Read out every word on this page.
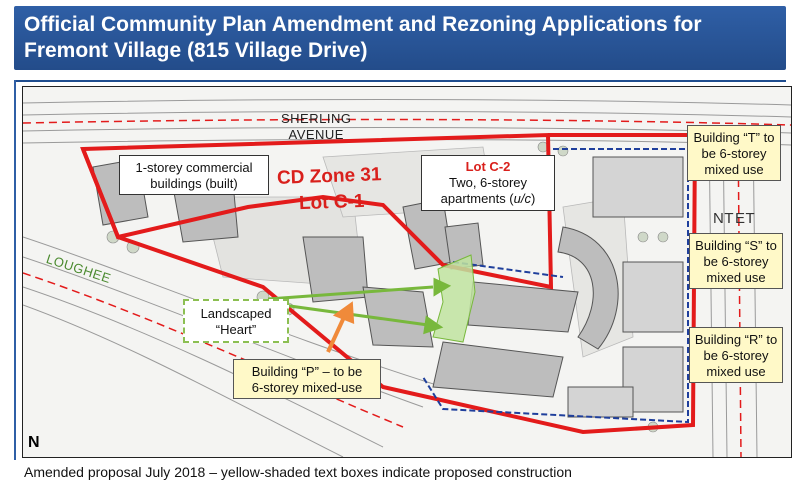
Official Community Plan Amendment and Rezoning Applications for
Fremont Village (815 Village Drive)
SHERLING
AVENUE
LOUGHEE
NT ET
CD Zone 31
Lot C-1
1-storey commercial
buildings (built)
Lot C-2
Two, 6-storey
apartments (u/c)
Building “T” to
be 6-storey
mixed use
Building “S” to
be 6-storey
mixed use
Building “R” to
be 6-storey
mixed use
Building “P” – to be
6-storey mixed-use
Landscaped
“Heart”
N
Amended proposal July 2018 – yellow-shaded text boxes indicate proposed construction
